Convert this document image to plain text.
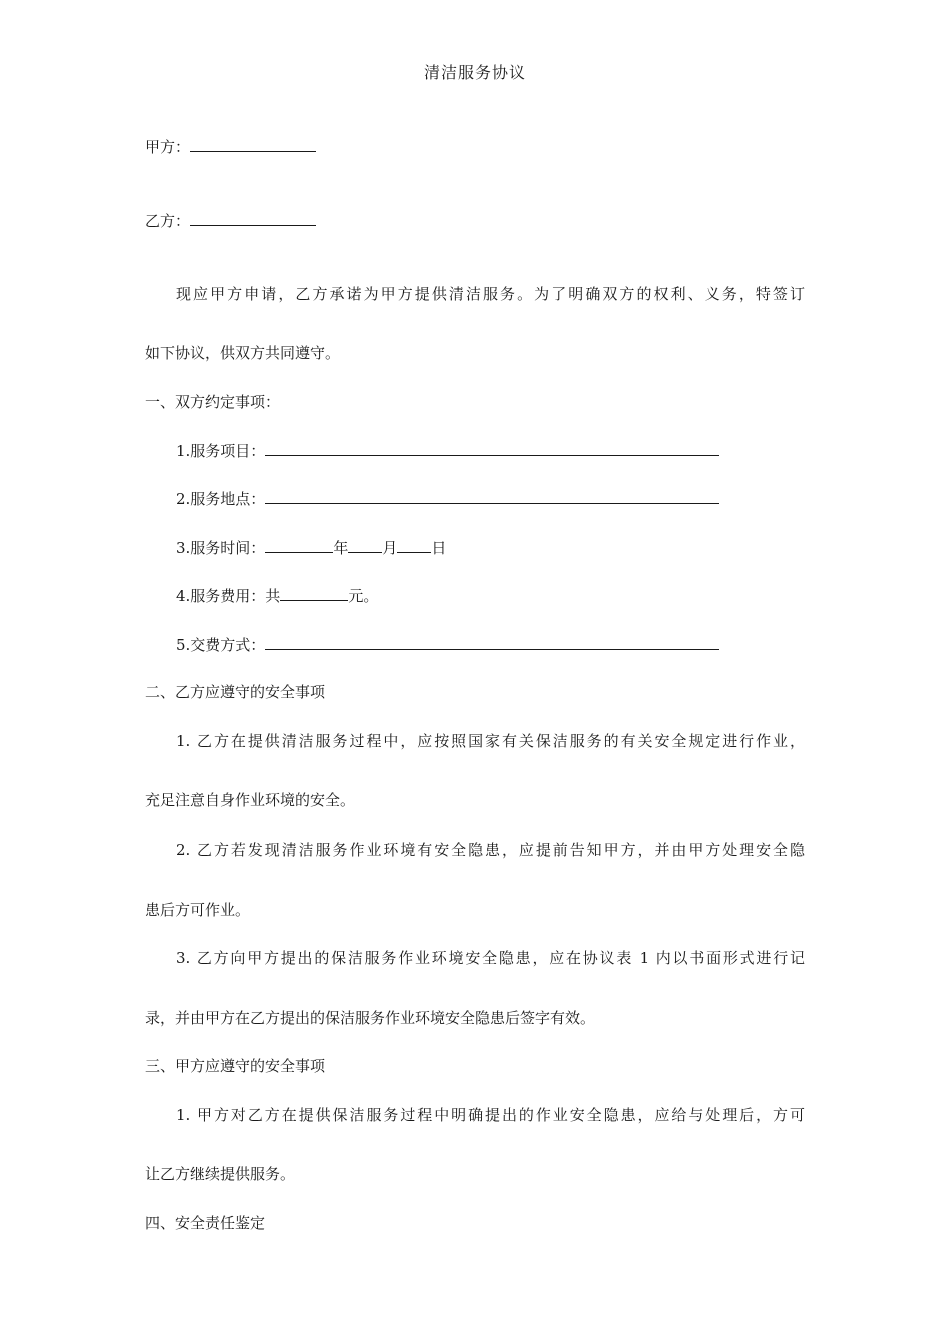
清洁服务协议
甲方：
乙方：
现应甲方申请，乙方承诺为甲方提供清洁服务。为了明确双方的权利、义务，特签订
如下协议，供双方共同遵守。
一、双方约定事项：
1.服务项目：
2.服务地点：
3.服务时间：	年 月 日
4.服务费用：共	元。
5.交费方式：
二、乙方应遵守的安全事项
1. 乙方在提供清洁服务过程中，应按照国家有关保洁服务的有关安全规定进行作业，
充足注意自身作业环境的安全。
2. 乙方若发现清洁服务作业环境有安全隐患，应提前告知甲方，并由甲方处理安全隐
患后方可作业。
3. 乙方向甲方提出的保洁服务作业环境安全隐患，应在协议表 1 内以书面形式进行记
录，并由甲方在乙方提出的保洁服务作业环境安全隐患后签字有效。
三、甲方应遵守的安全事项
1. 甲方对乙方在提供保洁服务过程中明确提出的作业安全隐患，应给与处理后，方可
让乙方继续提供服务。
四、安全责任鉴定
